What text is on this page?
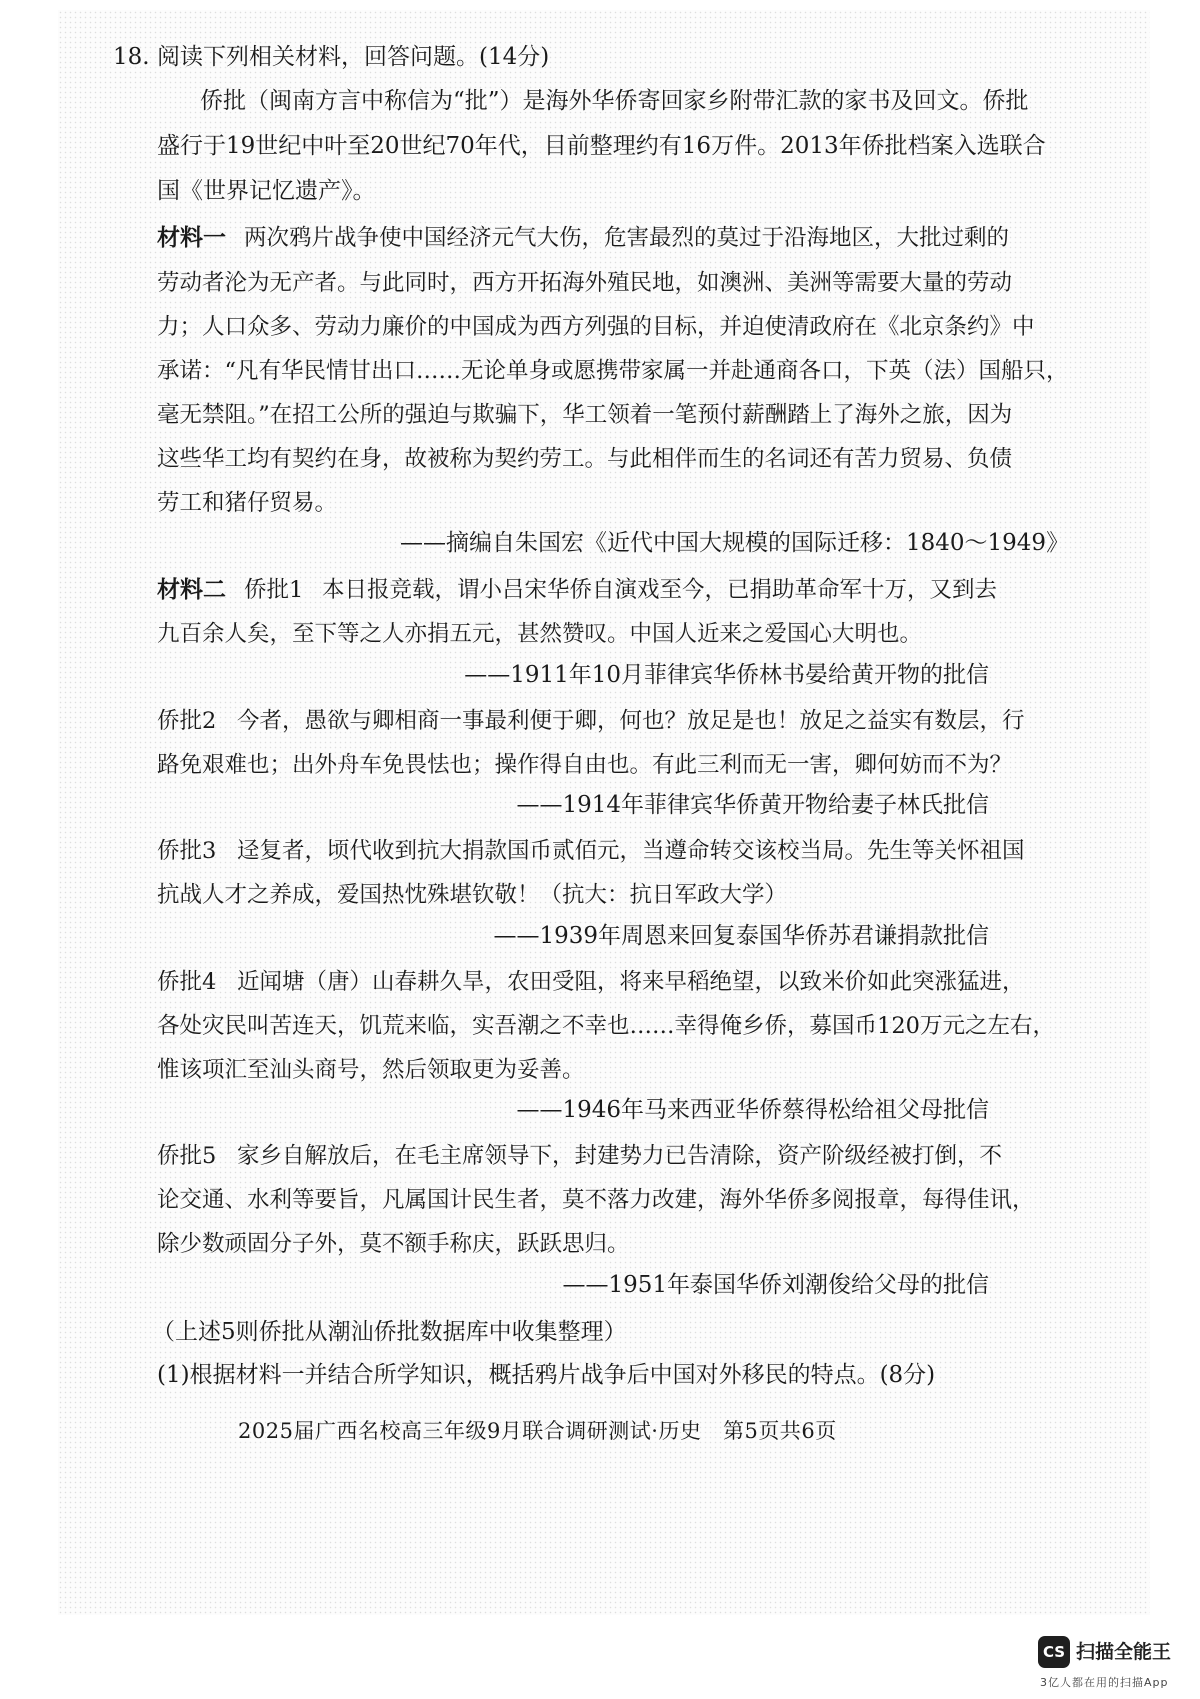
18. 阅读下列相关材料，回答问题。(14分)
侨批（闽南方言中称信为“批”）是海外华侨寄回家乡附带汇款的家书及回文。侨批
盛行于19世纪中叶至20世纪70年代，目前整理约有16万件。2013年侨批档案入选联合
国《世界记忆遗产》。
材料一 两次鸦片战争使中国经济元气大伤，危害最烈的莫过于沿海地区，大批过剩的
劳动者沦为无产者。与此同时，西方开拓海外殖民地，如澳洲、美洲等需要大量的劳动
力；人口众多、劳动力廉价的中国成为西方列强的目标，并迫使清政府在《北京条约》中
承诺：“凡有华民情甘出口……无论单身或愿携带家属一并赴通商各口，下英（法）国船只，
毫无禁阻。”在招工公所的强迫与欺骗下，华工领着一笔预付薪酬踏上了海外之旅，因为
这些华工均有契约在身，故被称为契约劳工。与此相伴而生的名词还有苦力贸易、负债
劳工和猪仔贸易。
——摘编自朱国宏《近代中国大规模的国际迁移：1840～1949》
材料二 侨批1 本日报竞载，谓小吕宋华侨自演戏至今，已捐助革命军十万，又到去
九百余人矣，至下等之人亦捐五元，甚然赞叹。中国人近来之爱国心大明也。
——1911年10月菲律宾华侨林书晏给黄开物的批信
侨批2 今者，愚欲与卿相商一事最利便于卿，何也？放足是也！放足之益实有数层，行
路免艰难也；出外舟车免畏怯也；操作得自由也。有此三利而无一害，卿何妨而不为？
——1914年菲律宾华侨黄开物给妻子林氏批信
侨批3 迳复者，顷代收到抗大捐款国币贰佰元，当遵命转交该校当局。先生等关怀祖国
抗战人才之养成，爱国热忱殊堪钦敬！（抗大：抗日军政大学）
——1939年周恩来回复泰国华侨苏君谦捐款批信
侨批4 近闻塘（唐）山春耕久旱，农田受阻，将来早稻绝望，以致米价如此突涨猛进，
各处灾民叫苦连天，饥荒来临，实吾潮之不幸也……幸得俺乡侨，募国币120万元之左右，
惟该项汇至汕头商号，然后领取更为妥善。
——1946年马来西亚华侨蔡得松给祖父母批信
侨批5 家乡自解放后，在毛主席领导下，封建势力已告清除，资产阶级经被打倒，不
论交通、水利等要旨，凡属国计民生者，莫不落力改建，海外华侨多阅报章，每得佳讯，
除少数顽固分子外，莫不额手称庆，跃跃思归。
——1951年泰国华侨刘潮俊给父母的批信
（上述5则侨批从潮汕侨批数据库中收集整理）
(1)根据材料一并结合所学知识，概括鸦片战争后中国对外移民的特点。(8分)
2025届广西名校高三年级9月联合调研测试·历史　第5页共6页
CS 扫描全能王
3亿人都在用的扫描App
